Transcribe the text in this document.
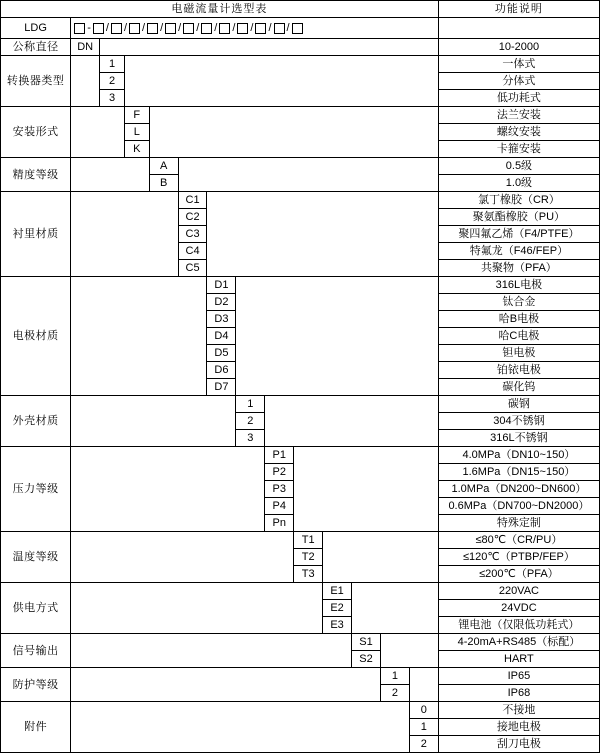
电磁流量计选型表														功能说明
LDG	- / / / / / / / / / / /

公称直径	DN													10-2000
转换器类型		1												一体式
		2												分体式
		3												低功耗式
安装形式			F											法兰安装
			L											螺纹安装
			K											卡箍安装
精度等级				A										0.5级
				B										1.0级
衬里材质					C1									氯丁橡胶（CR）
					C2									聚氨酯橡胶（PU）
					C3									聚四氟乙烯（F4/PTFE）
					C4									特氟龙（F46/FEP）
					C5									共聚物（PFA）
电极材质						D1								316L电极
						D2								钛合金
						D3								哈B电极
						D4								哈C电极
						D5								钽电极
						D6								铂铱电极
						D7								碳化钨
外壳材质							1							碳钢
							2							304不锈钢
							3							316L不锈钢
压力等级								P1						4.0MPa（DN10~150）
								P2						1.6MPa（DN15~150）
								P3						1.0MPa（DN200~DN600）
								P4						0.6MPa（DN700~DN2000）
								Pn						特殊定制
温度等级									T1					≤80℃（CR/PU）
									T2					≤120℃（PTBP/FEP）
									T3					≤200℃（PFA）
供电方式										E1				220VAC
										E2				24VDC
										E3				锂电池（仅限低功耗式）
信号输出											S1			4-20mA+RS485（标配）
											S2			HART
防护等级												1		IP65
												2		IP68
附件													0	不接地
													1	接地电极
													2	刮刀电极
